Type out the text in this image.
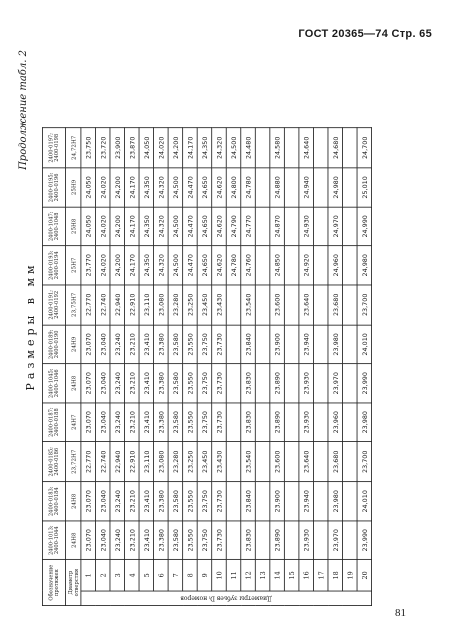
ГОСТ 20365—74 Стр. 65
Продолжение табл. 2
Размеры в мм
Обозначение протяжек		2400-1013; 2400-1044	2400-0183; 2400-0184	2400-0185; 2400-0186	2400-0187; 2400-0188	2400-1045; 2400-1046	2400-0189; 2400-0190	2400-0191; 2400-0192	2400-0193; 2400-0194	2400-1047; 2400-1048	2400-0195; 2400-0196	2400-0197; 2400-0198
Диаметр отверстия		24H8	24H8	23,72H7	24H7	24H8	24H9	23,75H7	25H7	25H8	25H9	24,72H7

Диаметры зубьев Dᵢ номеров	1	23,070	23,070	22,770	23,070	23,070	23,070	22,770	23,770	24,050	24,050	23,750
	2	23,040	23,040	22,740	23,040	23,040	23,040	22,740	24,020	24,020	24,020	23,720
	3	23,240	23,240	22,940	23,240	23,240	23,240	22,940	24,200	24,200	24,200	23,900
	4	23,210	23,210	22,910	23,210	23,210	23,210	22,910	24,170	24,170	24,170	23,870
	5	23,410	23,410	23,110	23,410	23,410	23,410	23,110	24,350	24,350	24,350	24,050
	6	23,380	23,380	23,080	23,380	23,380	23,380	23,080	24,320	24,320	24,320	24,020
	7	23,580	23,580	23,280	23,580	23,580	23,580	23,280	24,500	24,500	24,500	24,200
	8	23,550	23,550	23,250	23,550	23,550	23,550	23,250	24,470	24,470	24,470	24,170
	9	23,750	23,750	23,450	23,750	23,750	23,750	23,450	24,650	24,650	24,650	24,350
	10	23,730	23,730	23,430	23,730	23,730	23,730	23,430	24,620	24,620	24,620	24,320
	11								24,780	24,790	24,800	24,500
	12	23,830	23,840	23,540	23,830	23,830	23,840	23,540	24,760	24,770	24,780	24,480
	13											
	14	23,890	23,900	23,600	23,890	23,890	23,900	23,600	24,850	24,870	24,880	24,580
	15											
	16	23,930	23,940	23,640	23,930	23,930	23,940	23,640	24,920	24,930	24,940	24,640
	17											
	18	23,970	23,980	23,680	23,960	23,970	23,980	23,680	24,960	24,970	24,980	24,680
	19											
	20	23,990	24,010	23,700	23,980	23,990	24,010	23,700	24,980	24,990	25,010	24,700
81
